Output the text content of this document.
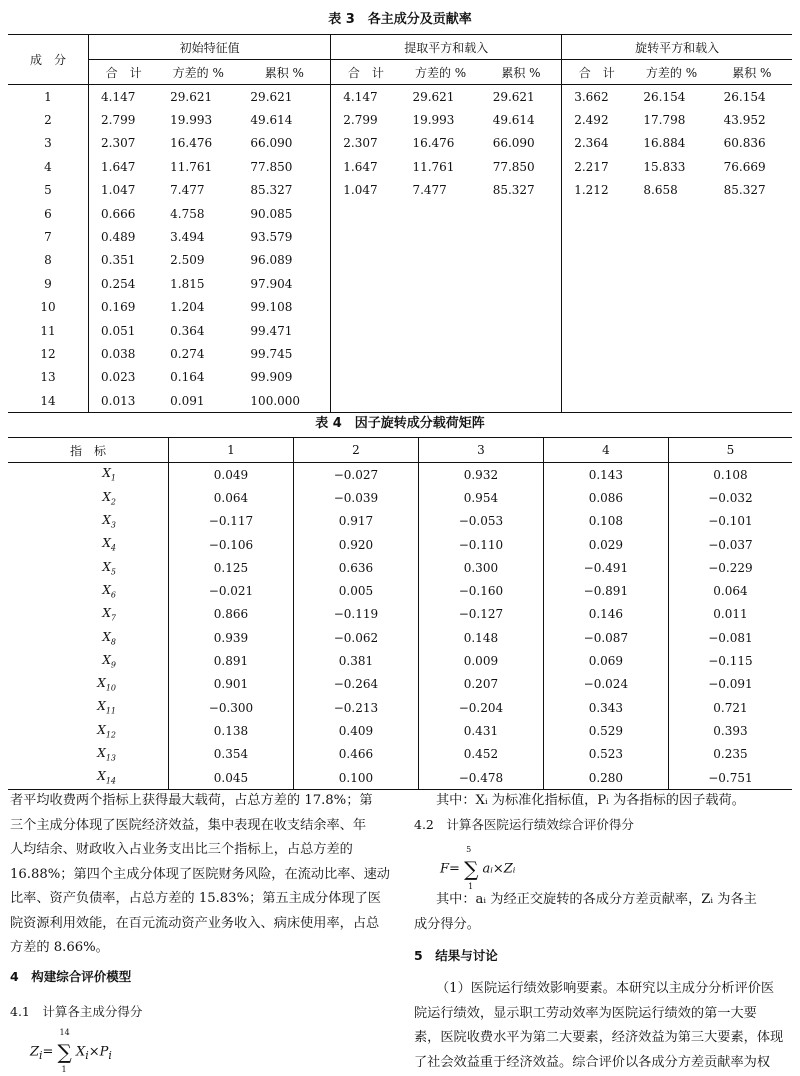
表 3　各主成分及贡献率
成　分	初始特征值			提取平方和载入			旋转平方和载入		
	合　计	方差的 %	累积 %	合　计	方差的 %	累积 %	合　计	方差的 %	累积 %
1	4.147	29.621	29.621	4.147	29.621	29.621	3.662	26.154	26.154
2	2.799	19.993	49.614	2.799	19.993	49.614	2.492	17.798	43.952
3	2.307	16.476	66.090	2.307	16.476	66.090	2.364	16.884	60.836
4	1.647	11.761	77.850	1.647	11.761	77.850	2.217	15.833	76.669
5	1.047	7.477	85.327	1.047	7.477	85.327	1.212	8.658	85.327
6	0.666	4.758	90.085						
7	0.489	3.494	93.579						
8	0.351	2.509	96.089						
9	0.254	1.815	97.904						
10	0.169	1.204	99.108						
11	0.051	0.364	99.471						
12	0.038	0.274	99.745						
13	0.023	0.164	99.909						
14	0.013	0.091	100.000						
表 4　因子旋转成分载荷矩阵
指　标	1	2	3	4	5
$X_1$	0.049	−0.027	0.932	0.143	0.108
$X_2$	0.064	−0.039	0.954	0.086	−0.032
$X_3$	−0.117	0.917	−0.053	0.108	−0.101
$X_4$	−0.106	0.920	−0.110	0.029	−0.037
$X_5$	0.125	0.636	0.300	−0.491	−0.229
$X_6$	−0.021	0.005	−0.160	−0.891	0.064
$X_7$	0.866	−0.119	−0.127	0.146	0.011
$X_8$	0.939	−0.062	0.148	−0.087	−0.081
$X_9$	0.891	0.381	0.009	0.069	−0.115
$X_{10}$	0.901	−0.264	0.207	−0.024	−0.091
$X_{11}$	−0.300	−0.213	−0.204	0.343	0.721
$X_{12}$	0.138	0.409	0.431	0.529	0.393
$X_{13}$	0.354	0.466	0.452	0.523	0.235
$X_{14}$	0.045	0.100	−0.478	0.280	−0.751
者平均收费两个指标上获得最大载荷，占总方差的 17.8%；第
三个主成分体现了医院经济效益，集中表现在收支结余率、年
人均结余、财政收入占业务支出比三个指标上，占总方差的
16.88%；第四个主成分体现了医院财务风险，在流动比率、速动
比率、资产负债率，占总方差的 15.83%；第五主成分体现了医
院资源利用效能，在百元流动资产业务收入、病床使用率，占总
方差的 8.66%。
4　构建综合评价模型
4.1　计算各主成分得分
$Z_i=$ ∑
14
1
$X_i\times P_i$
其中：Xᵢ 为标准化指标值，Pᵢ 为各指标的因子载荷。
4.2　计算各医院运行绩效综合评价得分
F= ∑
5
1
aᵢ×Zᵢ
其中：aᵢ 为经正交旋转的各成分方差贡献率，Zᵢ 为各主
成分得分。
5　结果与讨论
（1）医院运行绩效影响要素。本研究以主成分分析评价医
院运行绩效，显示职工劳动效率为医院运行绩效的第一大要
素，医院收费水平为第二大要素，经济效益为第三大要素，体现
了社会效益重于经济效益。综合评价以各成分方差贡献率为权
